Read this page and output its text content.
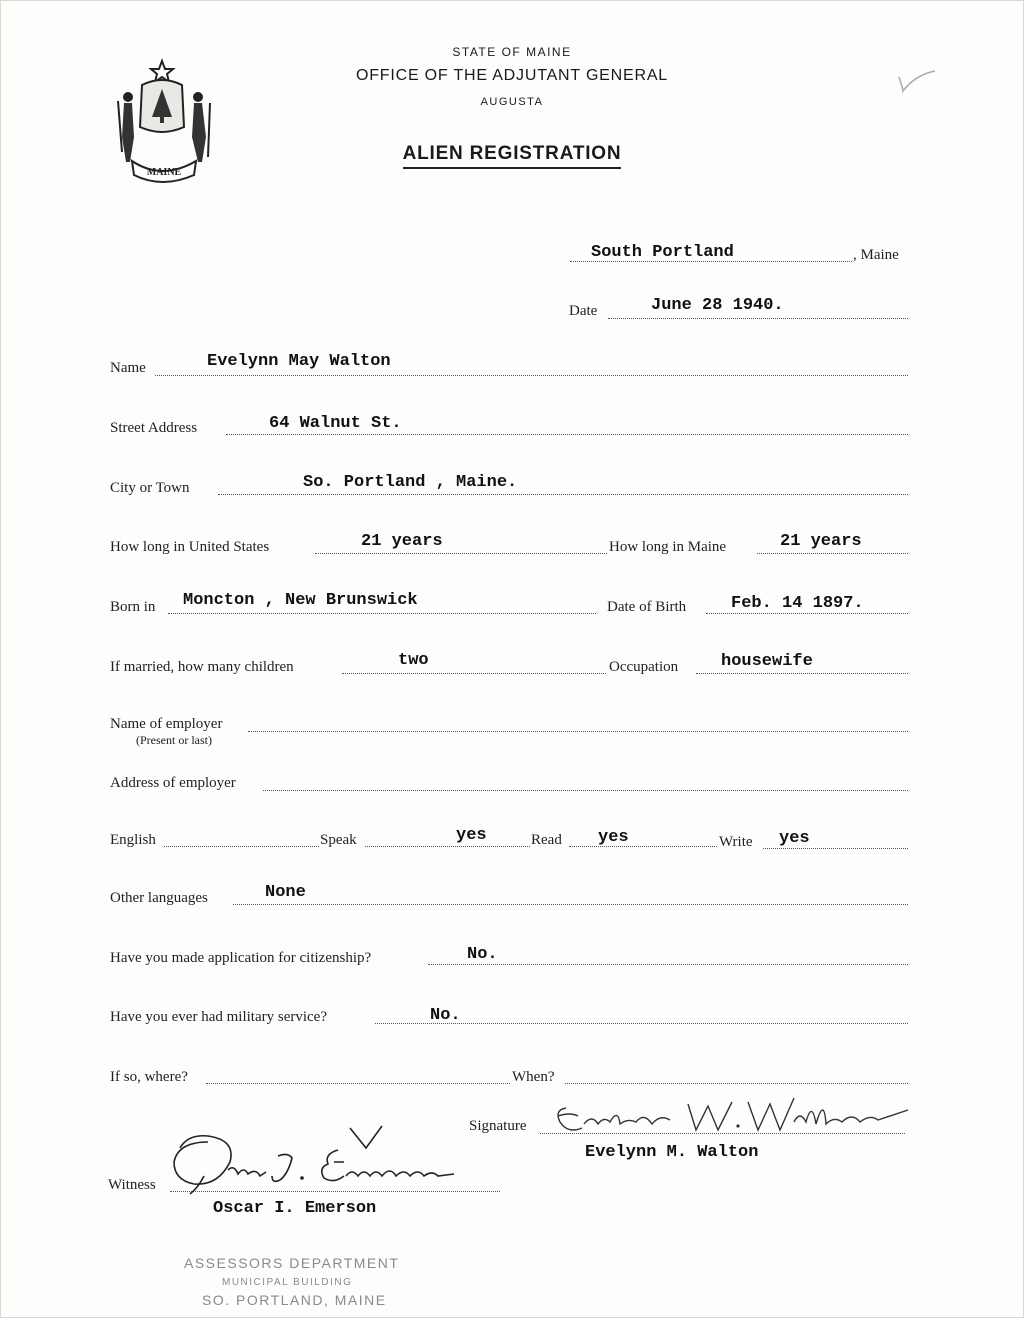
MAINE
STATE OF MAINE
OFFICE OF THE ADJUTANT GENERAL
AUGUSTA
ALIEN REGISTRATION
South Portland	, Maine
Date	June 28 1940.
Name	Evelynn May Walton
Street Address	64 Walnut St.
City or Town	So. Portland , Maine.
How long in United States	21 years	How long in Maine	21 years
Born in Moncton , New Brunswick	Date of Birth	Feb. 14 1897.
If married, how many children	two	Occupation	housewife
Name of employer
(Present or last)
Address of employer
English	Speak	yes	Read yes	Write yes
Other languages	None
Have you made application for citizenship?	No.
Have you ever had military service?	No.
If so, where?	When?
Signature
Evelynn M. Walton
Witness
Oscar I. Emerson
ASSESSORS DEPARTMENT
MUNICIPAL BUILDING
SO. PORTLAND, MAINE
